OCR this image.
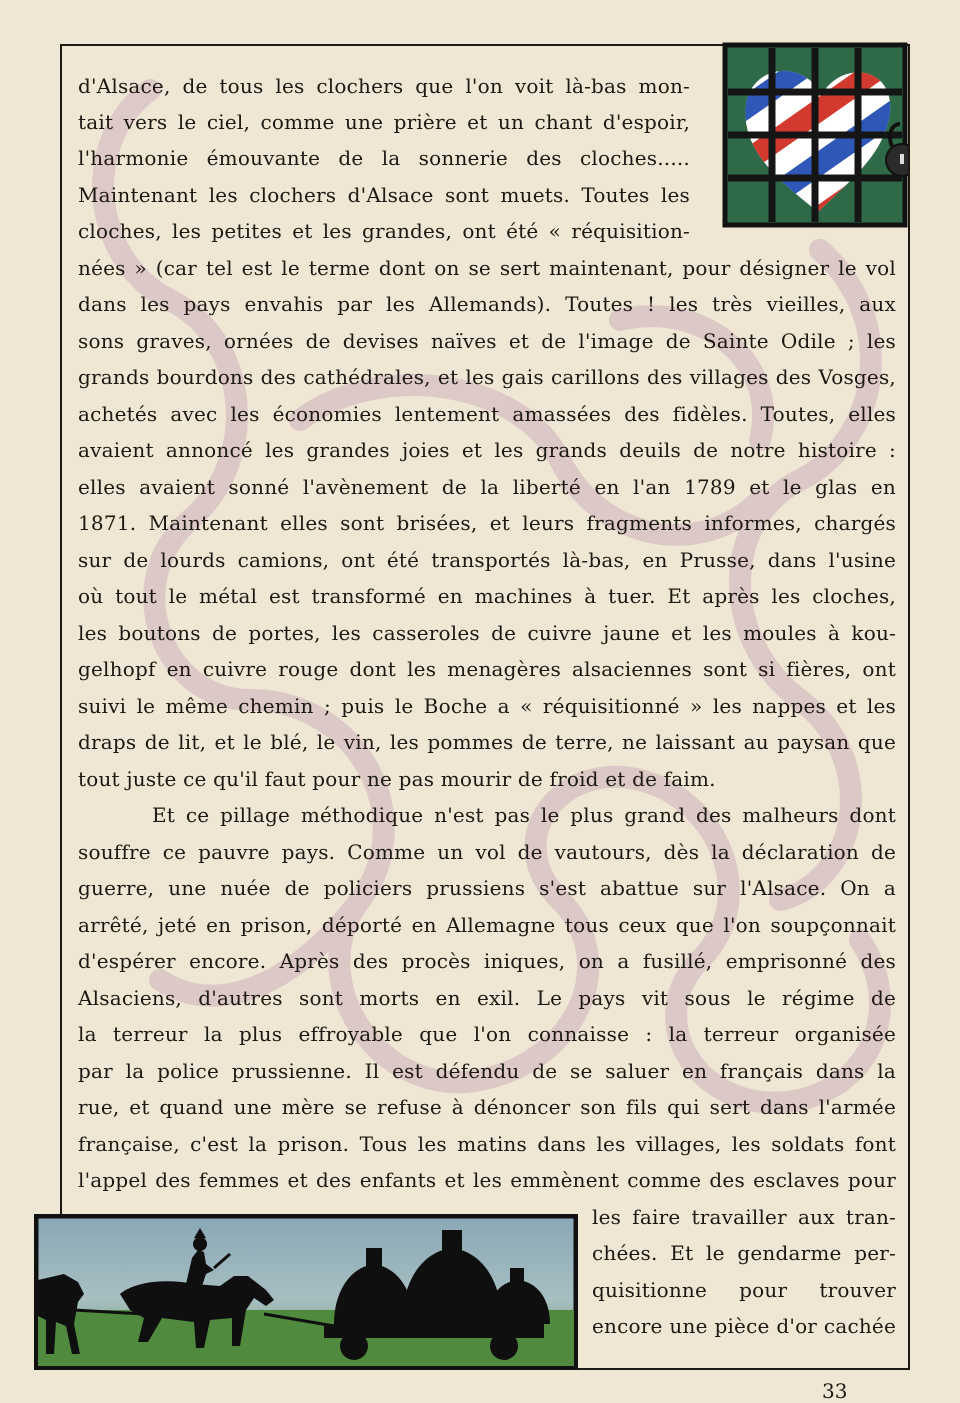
d'Alsace, de tous les clochers que l'on voit là-bas mon-
tait vers le ciel, comme une prière et un chant d'espoir,
l'harmonie émouvante de la sonnerie des cloches.....
Maintenant les clochers d'Alsace sont muets. Toutes les
cloches, les petites et les grandes, ont été « réquisition-
nées » (car tel est le terme dont on se sert maintenant, pour désigner le vol
dans les pays envahis par les Allemands). Toutes ! les très vieilles, aux
sons graves, ornées de devises naïves et de l'image de Sainte Odile ; les
grands bourdons des cathédrales, et les gais carillons des villages des Vosges,
achetés avec les économies lentement amassées des fidèles. Toutes, elles
avaient annoncé les grandes joies et les grands deuils de notre histoire :
elles avaient sonné l'avènement de la liberté en l'an 1789 et le glas en
1871. Maintenant elles sont brisées, et leurs fragments informes, chargés
sur de lourds camions, ont été transportés là-bas, en Prusse, dans l'usine
où tout le métal est transformé en machines à tuer. Et après les cloches,
les boutons de portes, les casseroles de cuivre jaune et les moules à kou-
gelhopf en cuivre rouge dont les menagères alsaciennes sont si fières, ont
suivi le même chemin ; puis le Boche a « réquisitionné » les nappes et les
draps de lit, et le blé, le vin, les pommes de terre, ne laissant au paysan que
tout juste ce qu'il faut pour ne pas mourir de froid et de faim.
Et ce pillage méthodique n'est pas le plus grand des malheurs dont
souffre ce pauvre pays. Comme un vol de vautours, dès la déclaration de
guerre, une nuée de policiers prussiens s'est abattue sur l'Alsace. On a
arrêté, jeté en prison, déporté en Allemagne tous ceux que l'on soupçonnait
d'espérer encore. Après des procès iniques, on a fusillé, emprisonné des
Alsaciens, d'autres sont morts en exil. Le pays vit sous le régime de
la terreur la plus effroyable que l'on connaisse : la terreur organisée
par la police prussienne. Il est défendu de se saluer en français dans la
rue, et quand une mère se refuse à dénoncer son fils qui sert dans l'armée
française, c'est la prison. Tous les matins dans les villages, les soldats font
l'appel des femmes et des enfants et les emmènent comme des esclaves pour
les faire travailler aux tran-
chées. Et le gendarme per-
quisitionne pour trouver
encore une pièce d'or cachée
33
